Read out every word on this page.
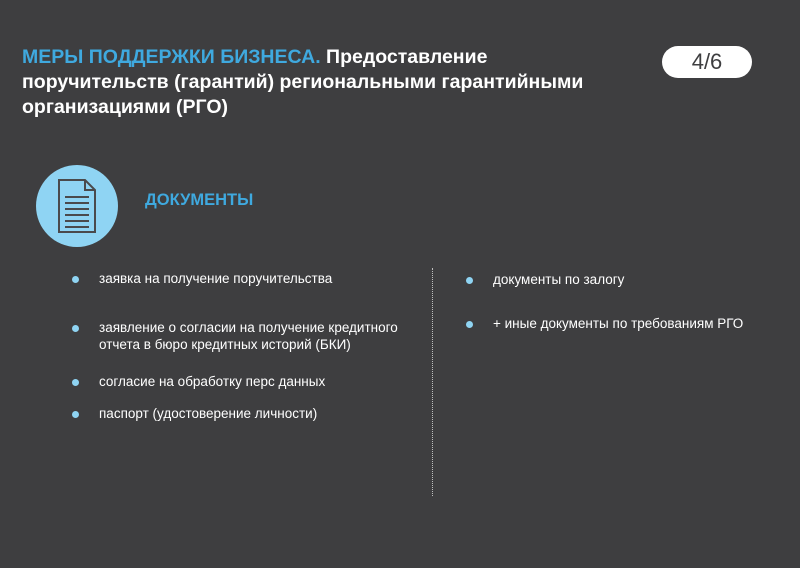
МЕРЫ ПОДДЕРЖКИ БИЗНЕСА. Предоставление поручительств (гарантий) региональными гарантийными организациями (РГО)
4/6
ДОКУМЕНТЫ
заявка на получение поручительства
заявление о согласии на получение кредитного отчета в бюро кредитных историй (БКИ)
согласие на обработку перс данных
паспорт (удостоверение личности)
документы по залогу
+ иные документы по требованиям РГО
